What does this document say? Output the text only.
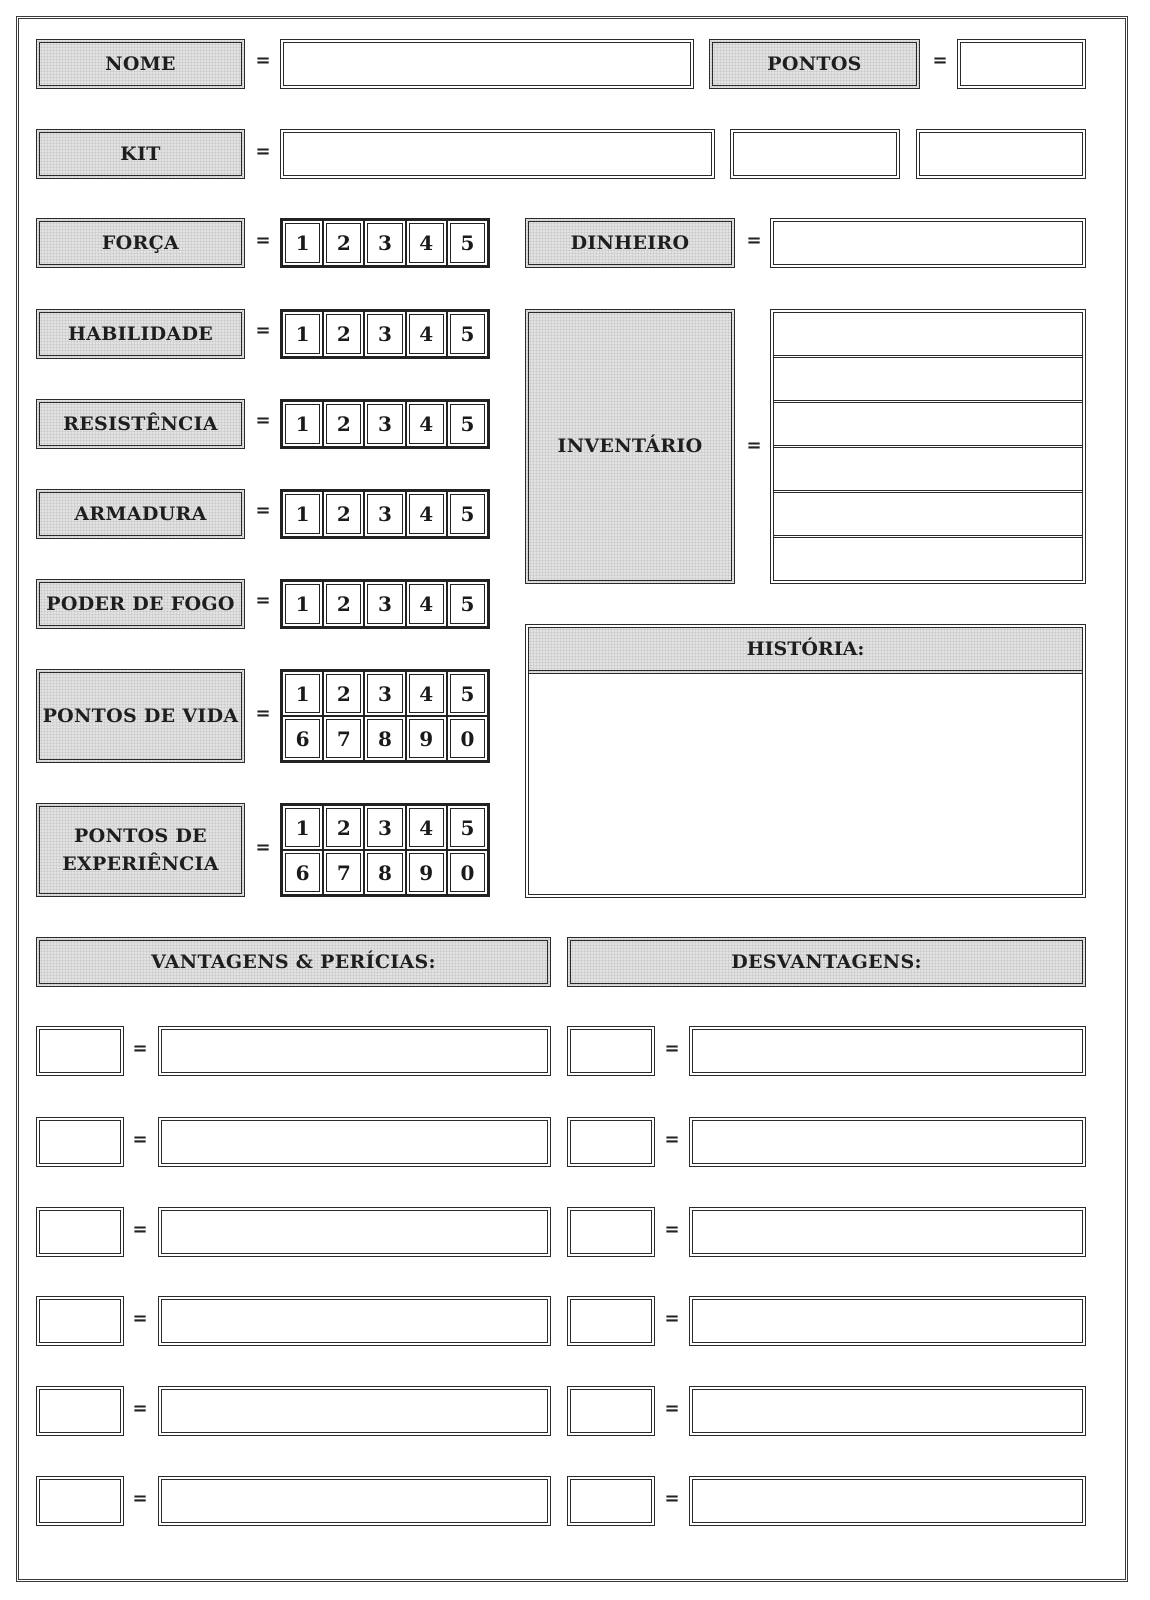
NOME	=	PONTOS	=
KIT	=
FORÇA	=	1	2	3	4	5
HABILIDADE	=	1	2	3	4	5
RESISTÊNCIA	=	1	2	3	4	5
ARMADURA	=	1	2	3	4	5
PODER DE FOGO	=	1	2	3	4	5
PONTOS DE VIDA =
1	2	3	4	5
6	7	8	9	0
PONTOS DE
EXPERIÊNCIA
=
1	2	3	4	5
6	7	8	9	0
DINHEIRO	=
INVENTÁRIO	=
HISTÓRIA:
VANTAGENS & PERÍCIAS:	DESVANTAGENS:
=	=
=	=
=	=
=	=
=	=
=	=
